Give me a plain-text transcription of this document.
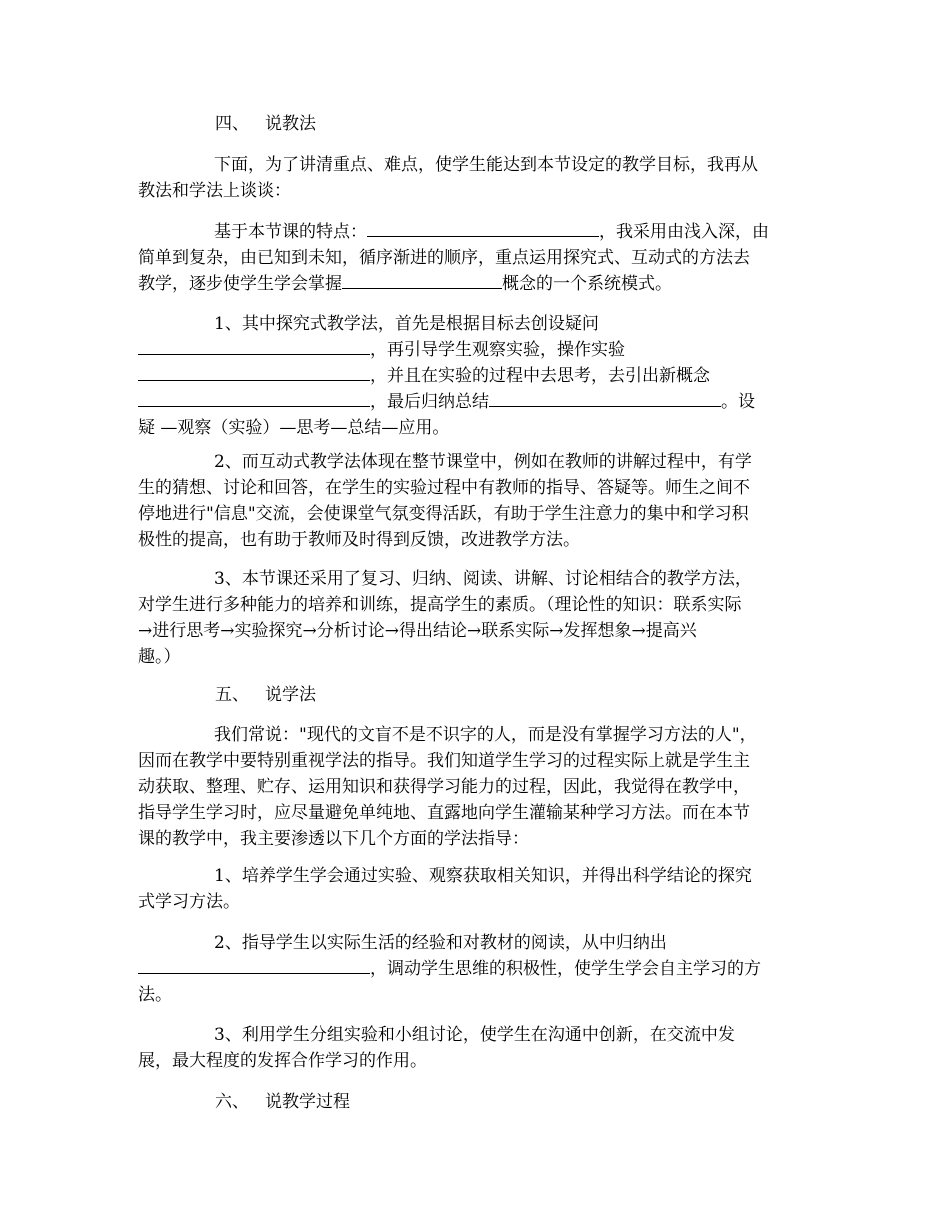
四、 说教法
下面，为了讲清重点、难点，使学生能达到本节设定的教学目标，我再从
教法和学法上谈谈：
基于本节课的特点：	，我采用由浅入深，由
简单到复杂，由已知到未知，循序渐进的顺序，重点运用探究式、互动式的方法去
教学，逐步使学生学会掌握	概念的一个系统模式。
1、其中探究式教学法，首先是根据目标去创设疑问
，再引导学生观察实验，操作实验
，并且在实验的过程中去思考，去引出新概念
，最后归纳总结	。设
疑 —观察（实验）—思考—总结—应用。
2、而互动式教学法体现在整节课堂中，例如在教师的讲解过程中，有学
生的猜想、讨论和回答，在学生的实验过程中有教师的指导、答疑等。师生之间不
停地进行"信息"交流，会使课堂气氛变得活跃，有助于学生注意力的集中和学习积
极性的提高，也有助于教师及时得到反馈，改进教学方法。
3、本节课还采用了复习、归纳、阅读、讲解、讨论相结合的教学方法，
对学生进行多种能力的培养和训练，提高学生的素质。（理论性的知识：联系实际
→进行思考→实验探究→分析讨论→得出结论→联系实际→发挥想象→提高兴
趣。）
五、 说学法
我们常说："现代的文盲不是不识字的人，而是没有掌握学习方法的人"，
因而在教学中要特别重视学法的指导。我们知道学生学习的过程实际上就是学生主
动获取、整理、贮存、运用知识和获得学习能力的过程，因此，我觉得在教学中，
指导学生学习时，应尽量避免单纯地、直露地向学生灌输某种学习方法。而在本节
课的教学中，我主要渗透以下几个方面的学法指导：
1、培养学生学会通过实验、观察获取相关知识，并得出科学结论的探究
式学习方法。
2、指导学生以实际生活的经验和对教材的阅读，从中归纳出
，调动学生思维的积极性，使学生学会自主学习的方
法。
3、利用学生分组实验和小组讨论，使学生在沟通中创新，在交流中发
展，最大程度的发挥合作学习的作用。
六、 说教学过程
